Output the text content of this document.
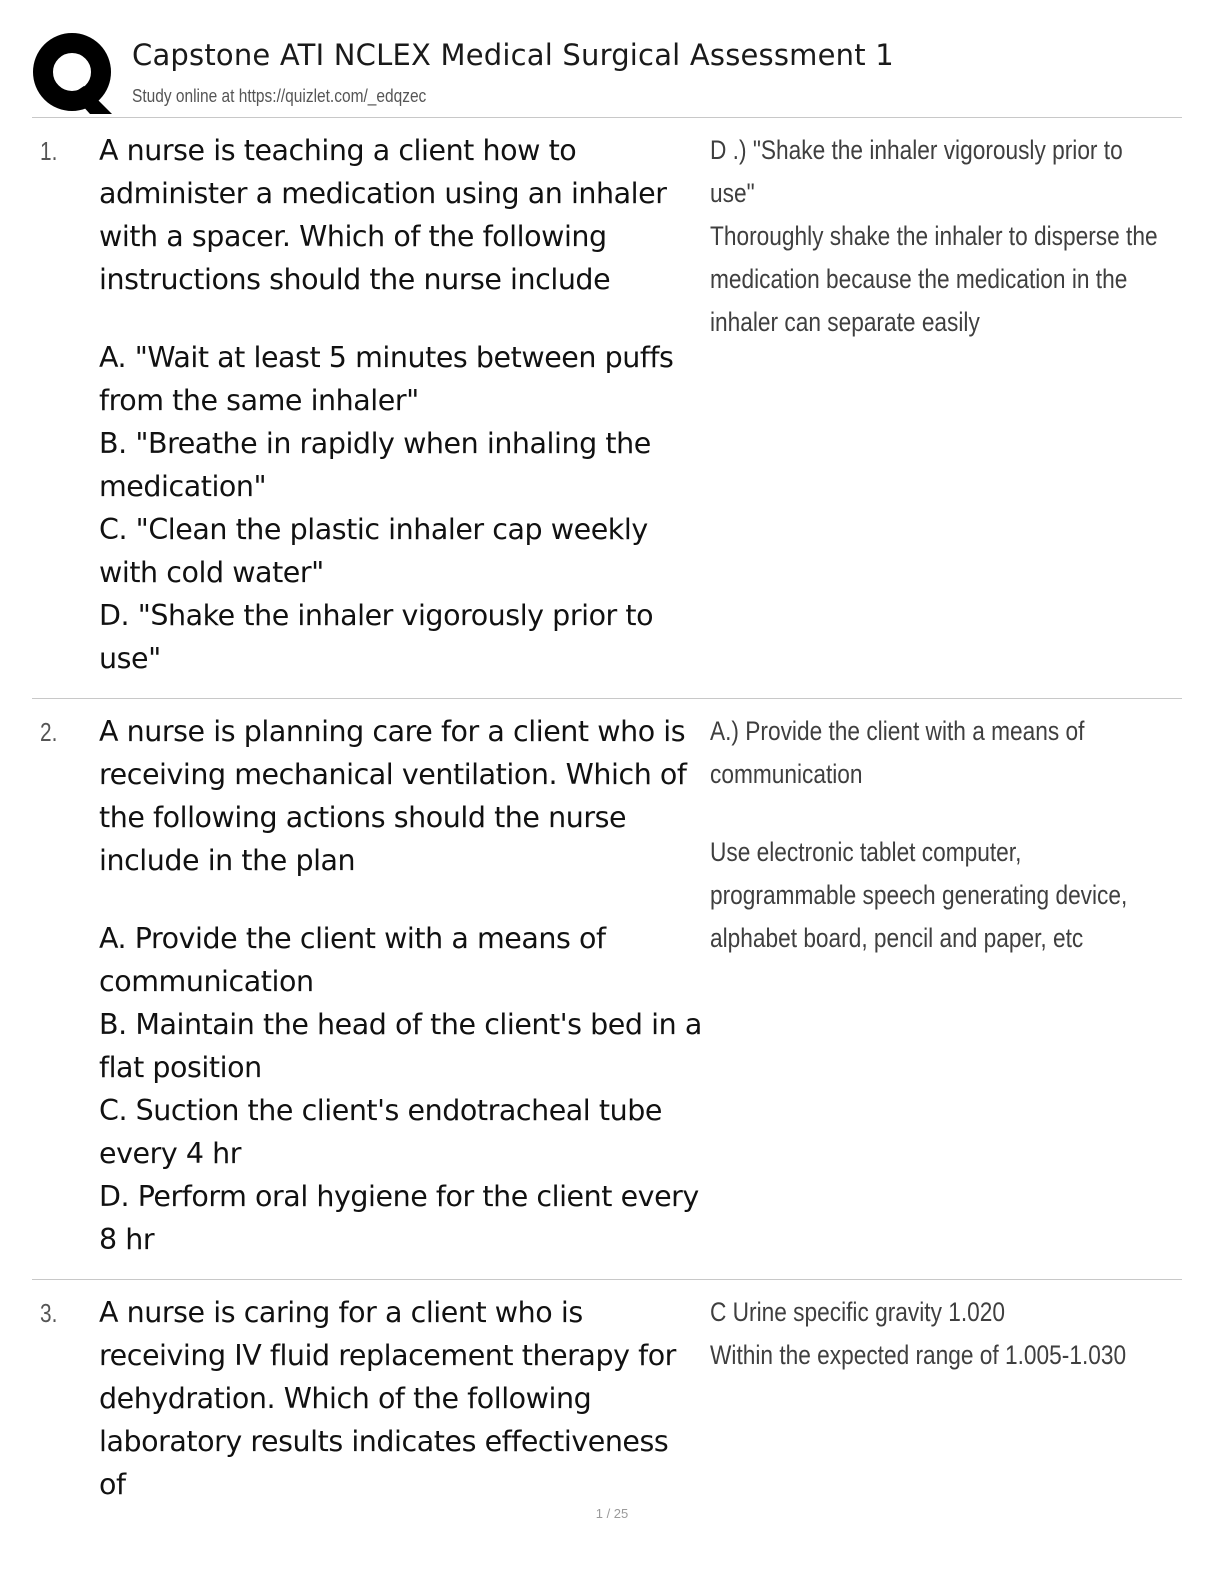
Capstone ATI NCLEX Medical Surgical Assessment 1
Study online at https://quizlet.com/_edqzec
1. A nurse is teaching a client how to administer a medication using an inhaler with a spacer. Which of the following instructions should the nurse include

A. "Wait at least 5 minutes between puffs from the same inhaler"

B. "Breathe in rapidly when inhaling the medication"

C. "Clean the plastic inhaler cap weekly with cold water"

D. "Shake the inhaler vigorously prior to use"

D .) "Shake the inhaler vigorously prior to use"

Thoroughly shake the inhaler to disperse the medication because the medication in the inhaler can separate easily

2. A nurse is planning care for a client who is receiving mechanical ventilation. Which of the following actions should the nurse include in the plan

A. Provide the client with a means of communication

B. Maintain the head of the client's bed in a flat position

C. Suction the client's endotracheal tube every 4 hr

D. Perform oral hygiene for the client every 8 hr

A.) Provide the client with a means of communication

Use electronic tablet computer, programmable speech generating device, alphabet board, pencil and paper, etc

3. A nurse is caring for a client who is receiving IV fluid replacement therapy for dehydration. Which of the following laboratory results indicates effectiveness of

C Urine specific gravity 1.020

Within the expected range of 1.005-1.030

1 / 25
